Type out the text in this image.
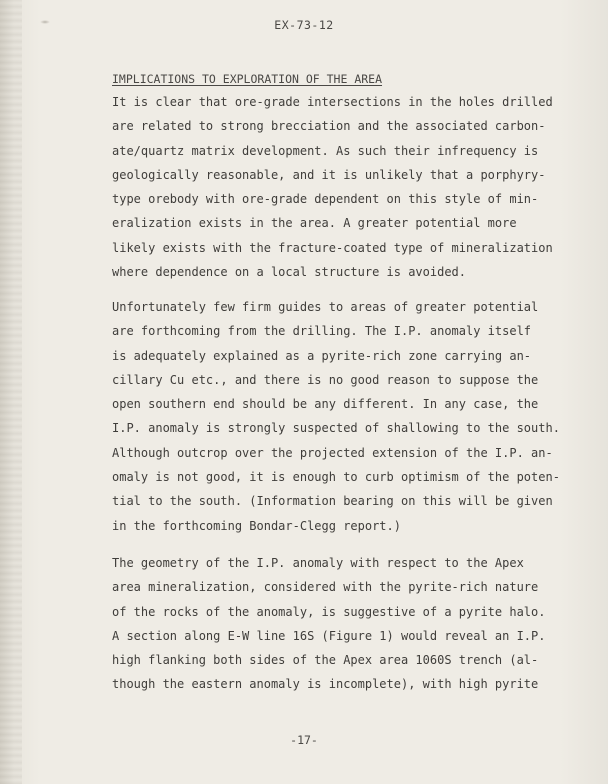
EX-73-12
IMPLICATIONS TO EXPLORATION OF THE AREA
It is clear that ore-grade intersections in the holes drilled
are related to strong brecciation and the associated carbon-
ate/quartz matrix development. As such their infrequency is
geologically reasonable, and it is unlikely that a porphyry-
type orebody with ore-grade dependent on this style of min-
eralization exists in the area. A greater potential more
likely exists with the fracture-coated type of mineralization
where dependence on a local structure is avoided.
Unfortunately few firm guides to areas of greater potential
are forthcoming from the drilling. The I.P. anomaly itself
is adequately explained as a pyrite-rich zone carrying an-
cillary Cu etc., and there is no good reason to suppose the
open southern end should be any different. In any case, the
I.P. anomaly is strongly suspected of shallowing to the south.
Although outcrop over the projected extension of the I.P. an-
omaly is not good, it is enough to curb optimism of the poten-
tial to the south. (Information bearing on this will be given
in the forthcoming Bondar-Clegg report.)
The geometry of the I.P. anomaly with respect to the Apex
area mineralization, considered with the pyrite-rich nature
of the rocks of the anomaly, is suggestive of a pyrite halo.
A section along E-W line 16S (Figure 1) would reveal an I.P.
high flanking both sides of the Apex area 1060S trench (al-
though the eastern anomaly is incomplete), with high pyrite
-17-
